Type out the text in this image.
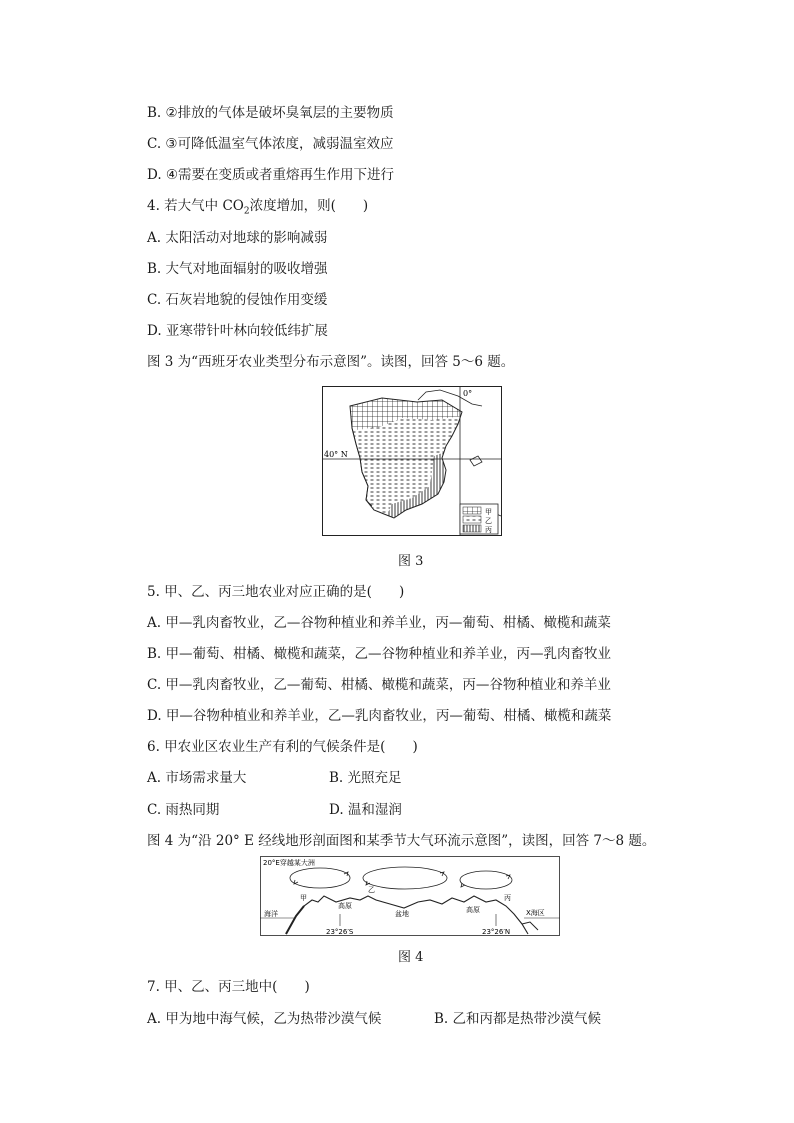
B. ②排放的气体是破坏臭氧层的主要物质
C. ③可降低温室气体浓度，减弱温室效应
D. ④需要在变质或者重熔再生作用下进行
4. 若大气中 $CO_2$浓度增加，则(　　)
A. 太阳活动对地球的影响减弱
B. 大气对地面辐射的吸收增强
C. 石灰岩地貌的侵蚀作用变缓
D. 亚寒带针叶林向较低纬扩展
图 3 为“西班牙农业类型分布示意图”。读图，回答 5～6 题。
0°
40° N
甲
乙
丙
图 3
5. 甲、乙、丙三地农业对应正确的是(　　)
A. 甲—乳肉畜牧业，乙—谷物种植业和养羊业，丙—葡萄、柑橘、橄榄和蔬菜
B. 甲—葡萄、柑橘、橄榄和蔬菜，乙—谷物种植业和养羊业，丙—乳肉畜牧业
C. 甲—乳肉畜牧业，乙—葡萄、柑橘、橄榄和蔬菜，丙—谷物种植业和养羊业
D. 甲—谷物种植业和养羊业，乙—乳肉畜牧业，丙—葡萄、柑橘、橄榄和蔬菜
6. 甲农业区农业生产有利的气候条件是(　　)
A. 市场需求量大	B. 光照充足
C. 雨热同期	D. 温和湿润
图 4 为“沿 20° E 经线地形剖面图和某季节大气环流示意图”，读图，回答 7～8 题。
20°E穿越某大洲
海洋
甲
高原
乙
盆地	高原
丙
X海区
23°26′S	23°26′N
图 4
7. 甲、乙、丙三地中(　　)
A. 甲为地中海气候，乙为热带沙漠气候	B. 乙和丙都是热带沙漠气候
